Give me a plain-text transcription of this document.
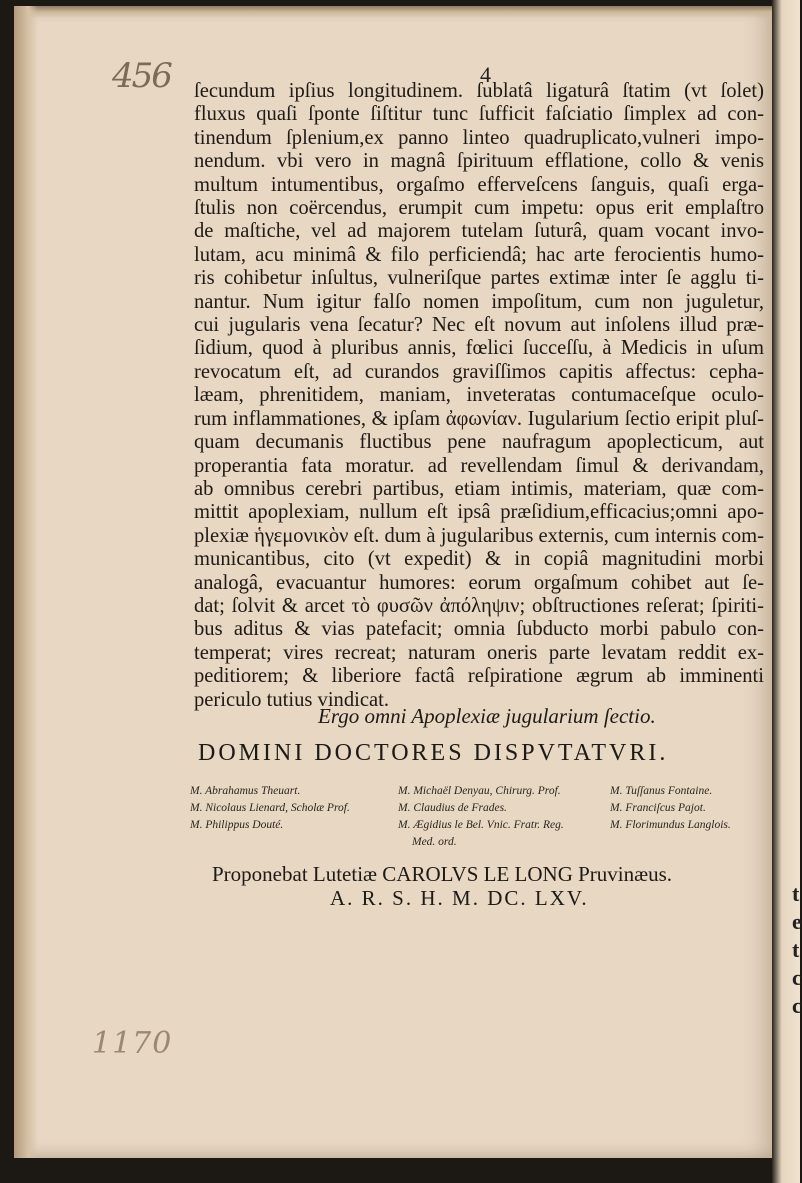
t
e
t
c
c
456	4
ſecundum ipſius longitudinem. ſublatâ ligaturâ ſtatim (vt ſolet)
fluxus quaſi ſponte ſiſtitur tunc ſufficit faſciatio ſimplex ad con-
tinendum ſplenium,ex panno linteo quadruplicato,vulneri impo-
nendum. vbi vero in magnâ ſpirituum efflatione, collo & venis
multum intumentibus, orgaſmo efferveſcens ſanguis, quaſi erga-
ſtulis non coërcendus, erumpit cum impetu: opus erit emplaſtro
de maſtiche, vel ad majorem tutelam ſuturâ, quam vocant invo-
lutam, acu minimâ & filo perficiendâ; hac arte ferocientis humo-
ris cohibetur inſultus, vulneriſque partes extimæ inter ſe agglu ti-
nantur. Num igitur falſo nomen impoſitum, cum non juguletur,
cui jugularis vena ſecatur? Nec eſt novum aut inſolens illud præ-
ſidium, quod à pluribus annis, fœlici ſucceſſu, à Medicis in uſum
revocatum eſt, ad curandos graviſſimos capitis affectus: cepha-
læam, phrenitidem, maniam, inveteratas contumaceſque oculo-
rum inflammationes, & ipſam ἀφωνίαν. Iugularium ſectio eripit pluſ-
quam decumanis fluctibus pene naufragum apoplecticum, aut
properantia fata moratur. ad revellendam ſimul & derivandam,
ab omnibus cerebri partibus, etiam intimis, materiam, quæ com-
mittit apoplexiam, nullum eſt ipsâ præſidium,efficacius;omni apo-
plexiæ ἡγεμονικὸν eſt. dum à jugularibus externis, cum internis com-
municantibus, cito (vt expedit) & in copiâ magnitudini morbi
analogâ, evacuantur humores: eorum orgaſmum cohibet aut ſe-
dat; ſolvit & arcet τὸ φυσῶν ἀπόληψιν; obſtructiones reſerat; ſpiriti-
bus aditus & vias patefacit; omnia ſubducto morbi pabulo con-
temperat; vires recreat; naturam oneris parte levatam reddit ex-
peditiorem; & liberiore factâ reſpiratione ægrum ab imminenti
periculo tutius vindicat.
Ergo omni Apoplexiæ jugularium ſectio.
DOMINI DOCTORES DISPVTATVRI.
M. Abrahamus Theuart.
M. Nicolaus Lienard, Scholæ Prof.
M. Philippus Douté.
M. Michaël Denyau, Chirurg. Prof.
M. Claudius de Frades.
M. Ægidius le Bel. Vnic. Fratr. Reg.
Med. ord.
M. Tuſſanus Fontaine.
M. Franciſcus Pajot.
M. Florimundus Langlois.
Proponebat Lutetiæ CAROLVS LE LONG Pruvinæus.
A. R. S. H. M. DC. LXV.
1170
